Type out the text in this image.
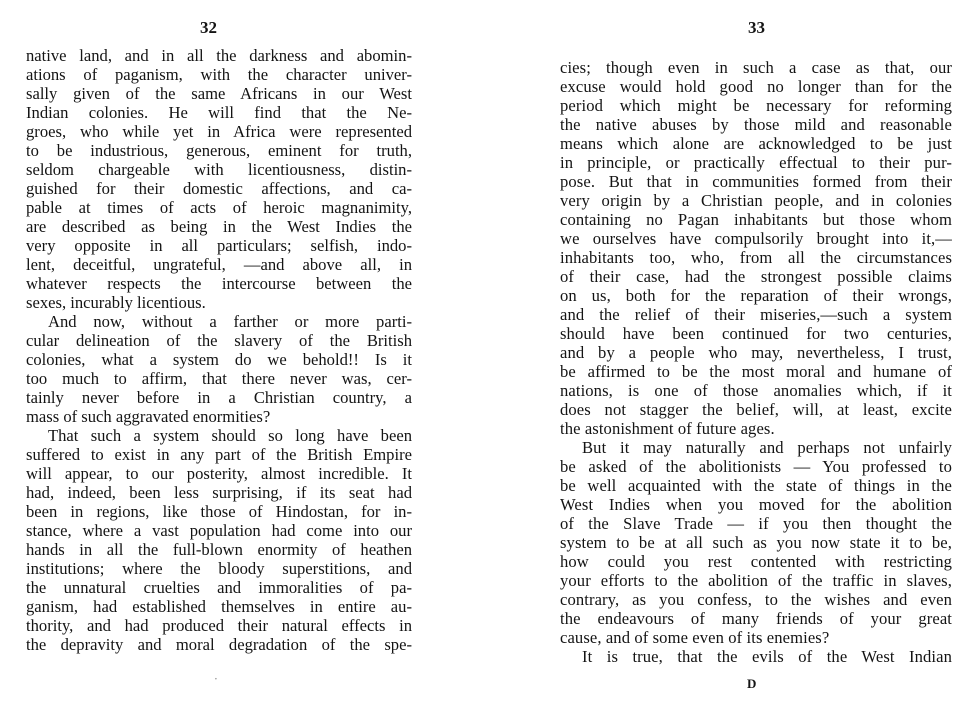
32
native land, and in all the darkness and abomin-
ations of paganism, with the character univer-
sally given of the same Africans in our West
Indian colonies. He will find that the Ne-
groes, who while yet in Africa were represented
to be industrious, generous, eminent for truth,
seldom chargeable with licentiousness, distin-
guished for their domestic affections, and ca-
pable at times of acts of heroic magnanimity,
are described as being in the West Indies the
very opposite in all particulars; selfish, indo-
lent, deceitful, ungrateful, —and above all, in
whatever respects the intercourse between the
sexes, incurably licentious.
And now, without a farther or more parti-
cular delineation of the slavery of the British
colonies, what a system do we behold!! Is it
too much to affirm, that there never was, cer-
tainly never before in a Christian country, a
mass of such aggravated enormities?
That such a system should so long have been
suffered to exist in any part of the British Empire
will appear, to our posterity, almost incredible. It
had, indeed, been less surprising, if its seat had
been in regions, like those of Hindostan, for in-
stance, where a vast population had come into our
hands in all the full-blown enormity of heathen
institutions; where the bloody superstitions, and
the unnatural cruelties and immoralities of pa-
ganism, had established themselves in entire au-
thority, and had produced their natural effects in
the depravity and moral degradation of the spe-
·
33
cies; though even in such a case as that, our
excuse would hold good no longer than for the
period which might be necessary for reforming
the native abuses by those mild and reasonable
means which alone are acknowledged to be just
in principle, or practically effectual to their pur-
pose. But that in communities formed from their
very origin by a Christian people, and in colonies
containing no Pagan inhabitants but those whom
we ourselves have compulsorily brought into it,—
inhabitants too, who, from all the circumstances
of their case, had the strongest possible claims
on us, both for the reparation of their wrongs,
and the relief of their miseries,—such a system
should have been continued for two centuries,
and by a people who may, nevertheless, I trust,
be affirmed to be the most moral and humane of
nations, is one of those anomalies which, if it
does not stagger the belief, will, at least, excite
the astonishment of future ages.
But it may naturally and perhaps not unfairly
be asked of the abolitionists — You professed to
be well acquainted with the state of things in the
West Indies when you moved for the abolition
of the Slave Trade — if you then thought the
system to be at all such as you now state it to be,
how could you rest contented with restricting
your efforts to the abolition of the traffic in slaves,
contrary, as you confess, to the wishes and even
the endeavours of many friends of your great
cause, and of some even of its enemies?
It is true, that the evils of the West Indian
D
